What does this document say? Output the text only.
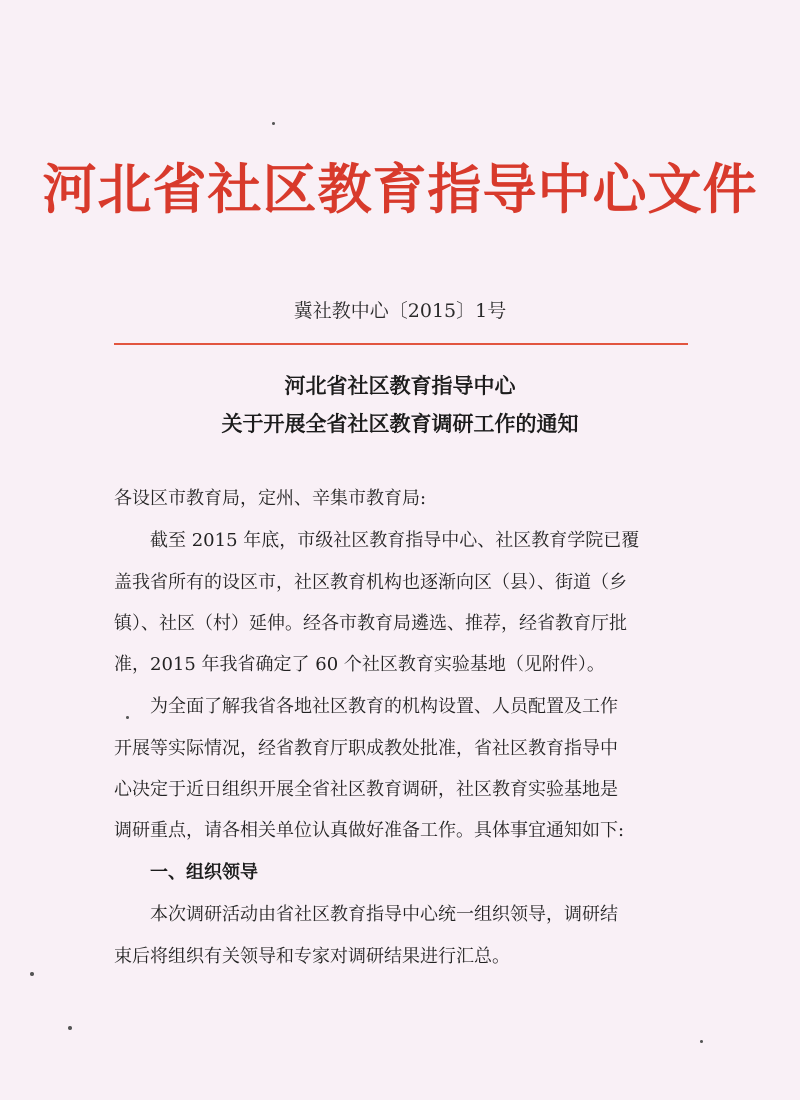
河北省社区教育指导中心文件
冀社教中心〔2015〕1号
河北省社区教育指导中心
关于开展全省社区教育调研工作的通知
各设区市教育局，定州、辛集市教育局:
截至 2015 年底，市级社区教育指导中心、社区教育学院已覆
盖我省所有的设区市，社区教育机构也逐渐向区（县）、街道（乡
镇）、社区（村）延伸。经各市教育局遴选、推荐，经省教育厅批
准，2015 年我省确定了 60 个社区教育实验基地（见附件）。
为全面了解我省各地社区教育的机构设置、人员配置及工作
开展等实际情况，经省教育厅职成教处批准，省社区教育指导中
心决定于近日组织开展全省社区教育调研，社区教育实验基地是
调研重点，请各相关单位认真做好准备工作。具体事宜通知如下:
一、组织领导
本次调研活动由省社区教育指导中心统一组织领导，调研结
束后将组织有关领导和专家对调研结果进行汇总。
